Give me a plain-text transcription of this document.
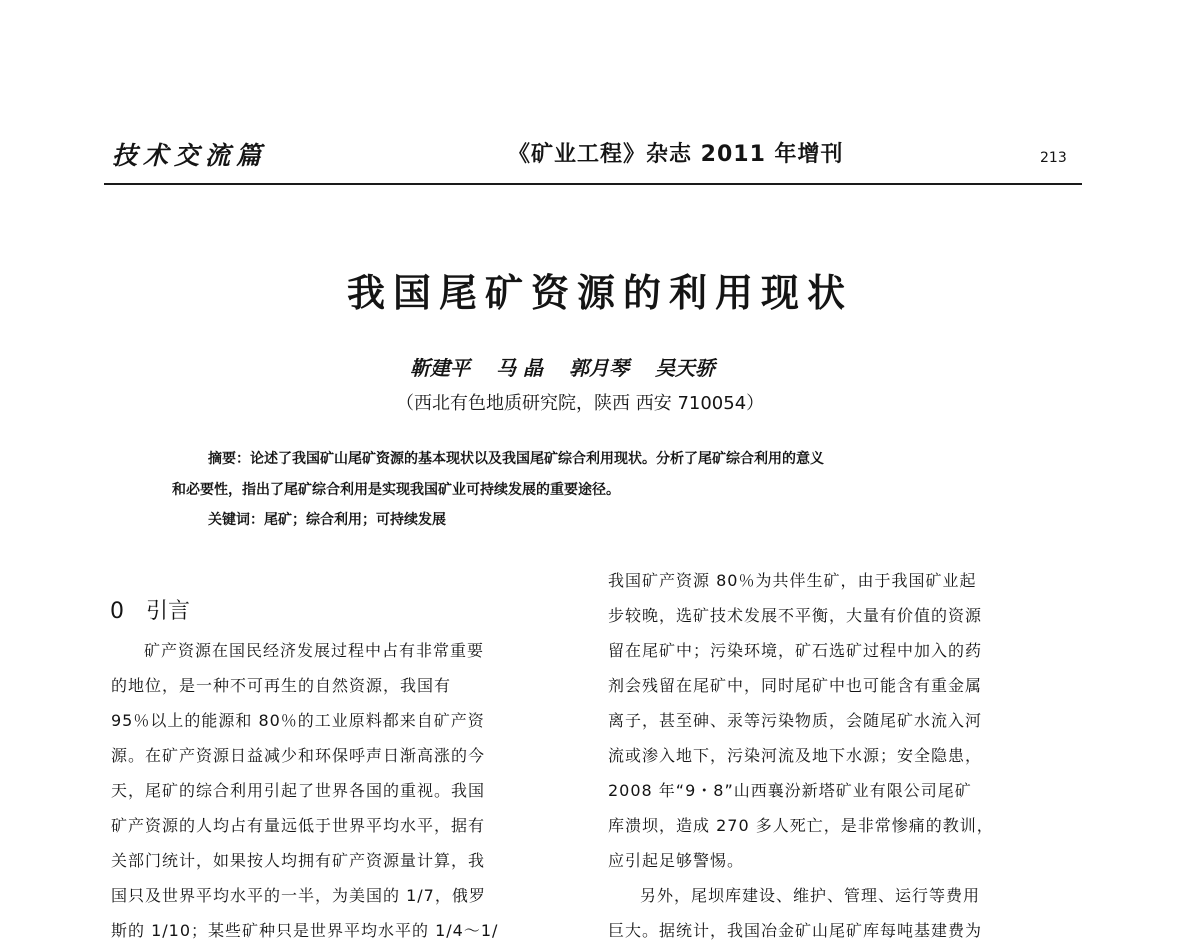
技术交流篇	《矿业工程》杂志 2011 年增刊	213
我国尾矿资源的利用现状
靳建平 马 晶 郭月琴 吴天骄
（西北有色地质研究院，陕西 西安 710054）
摘要：论述了我国矿山尾矿资源的基本现状以及我国尾矿综合利用现状。分析了尾矿综合利用的意义
和必要性，指出了尾矿综合利用是实现我国矿业可持续发展的重要途径。
关键词：尾矿；综合利用；可持续发展
0 引言
矿产资源在国民经济发展过程中占有非常重要
的地位，是一种不可再生的自然资源，我国有
95％以上的能源和 80％的工业原料都来自矿产资
源。在矿产资源日益减少和环保呼声日渐高涨的今
天，尾矿的综合利用引起了世界各国的重视。我国
矿产资源的人均占有量远低于世界平均水平，据有
关部门统计，如果按人均拥有矿产资源量计算，我
国只及世界平均水平的一半，为美国的 1/7，俄罗
斯的 1/10；某些矿种只是世界平均水平的 1/4～1/
我国矿产资源 80％为共伴生矿，由于我国矿业起
步较晚，选矿技术发展不平衡，大量有价值的资源
留在尾矿中；污染环境，矿石选矿过程中加入的药
剂会残留在尾矿中，同时尾矿中也可能含有重金属
离子，甚至砷、汞等污染物质，会随尾矿水流入河
流或渗入地下，污染河流及地下水源；安全隐患，
2008 年“9・8”山西襄汾新塔矿业有限公司尾矿
库溃坝，造成 270 多人死亡，是非常惨痛的教训，
应引起足够警惕。
另外，尾坝库建设、维护、管理、运行等费用
巨大。据统计，我国冶金矿山尾矿库每吨基建费为
